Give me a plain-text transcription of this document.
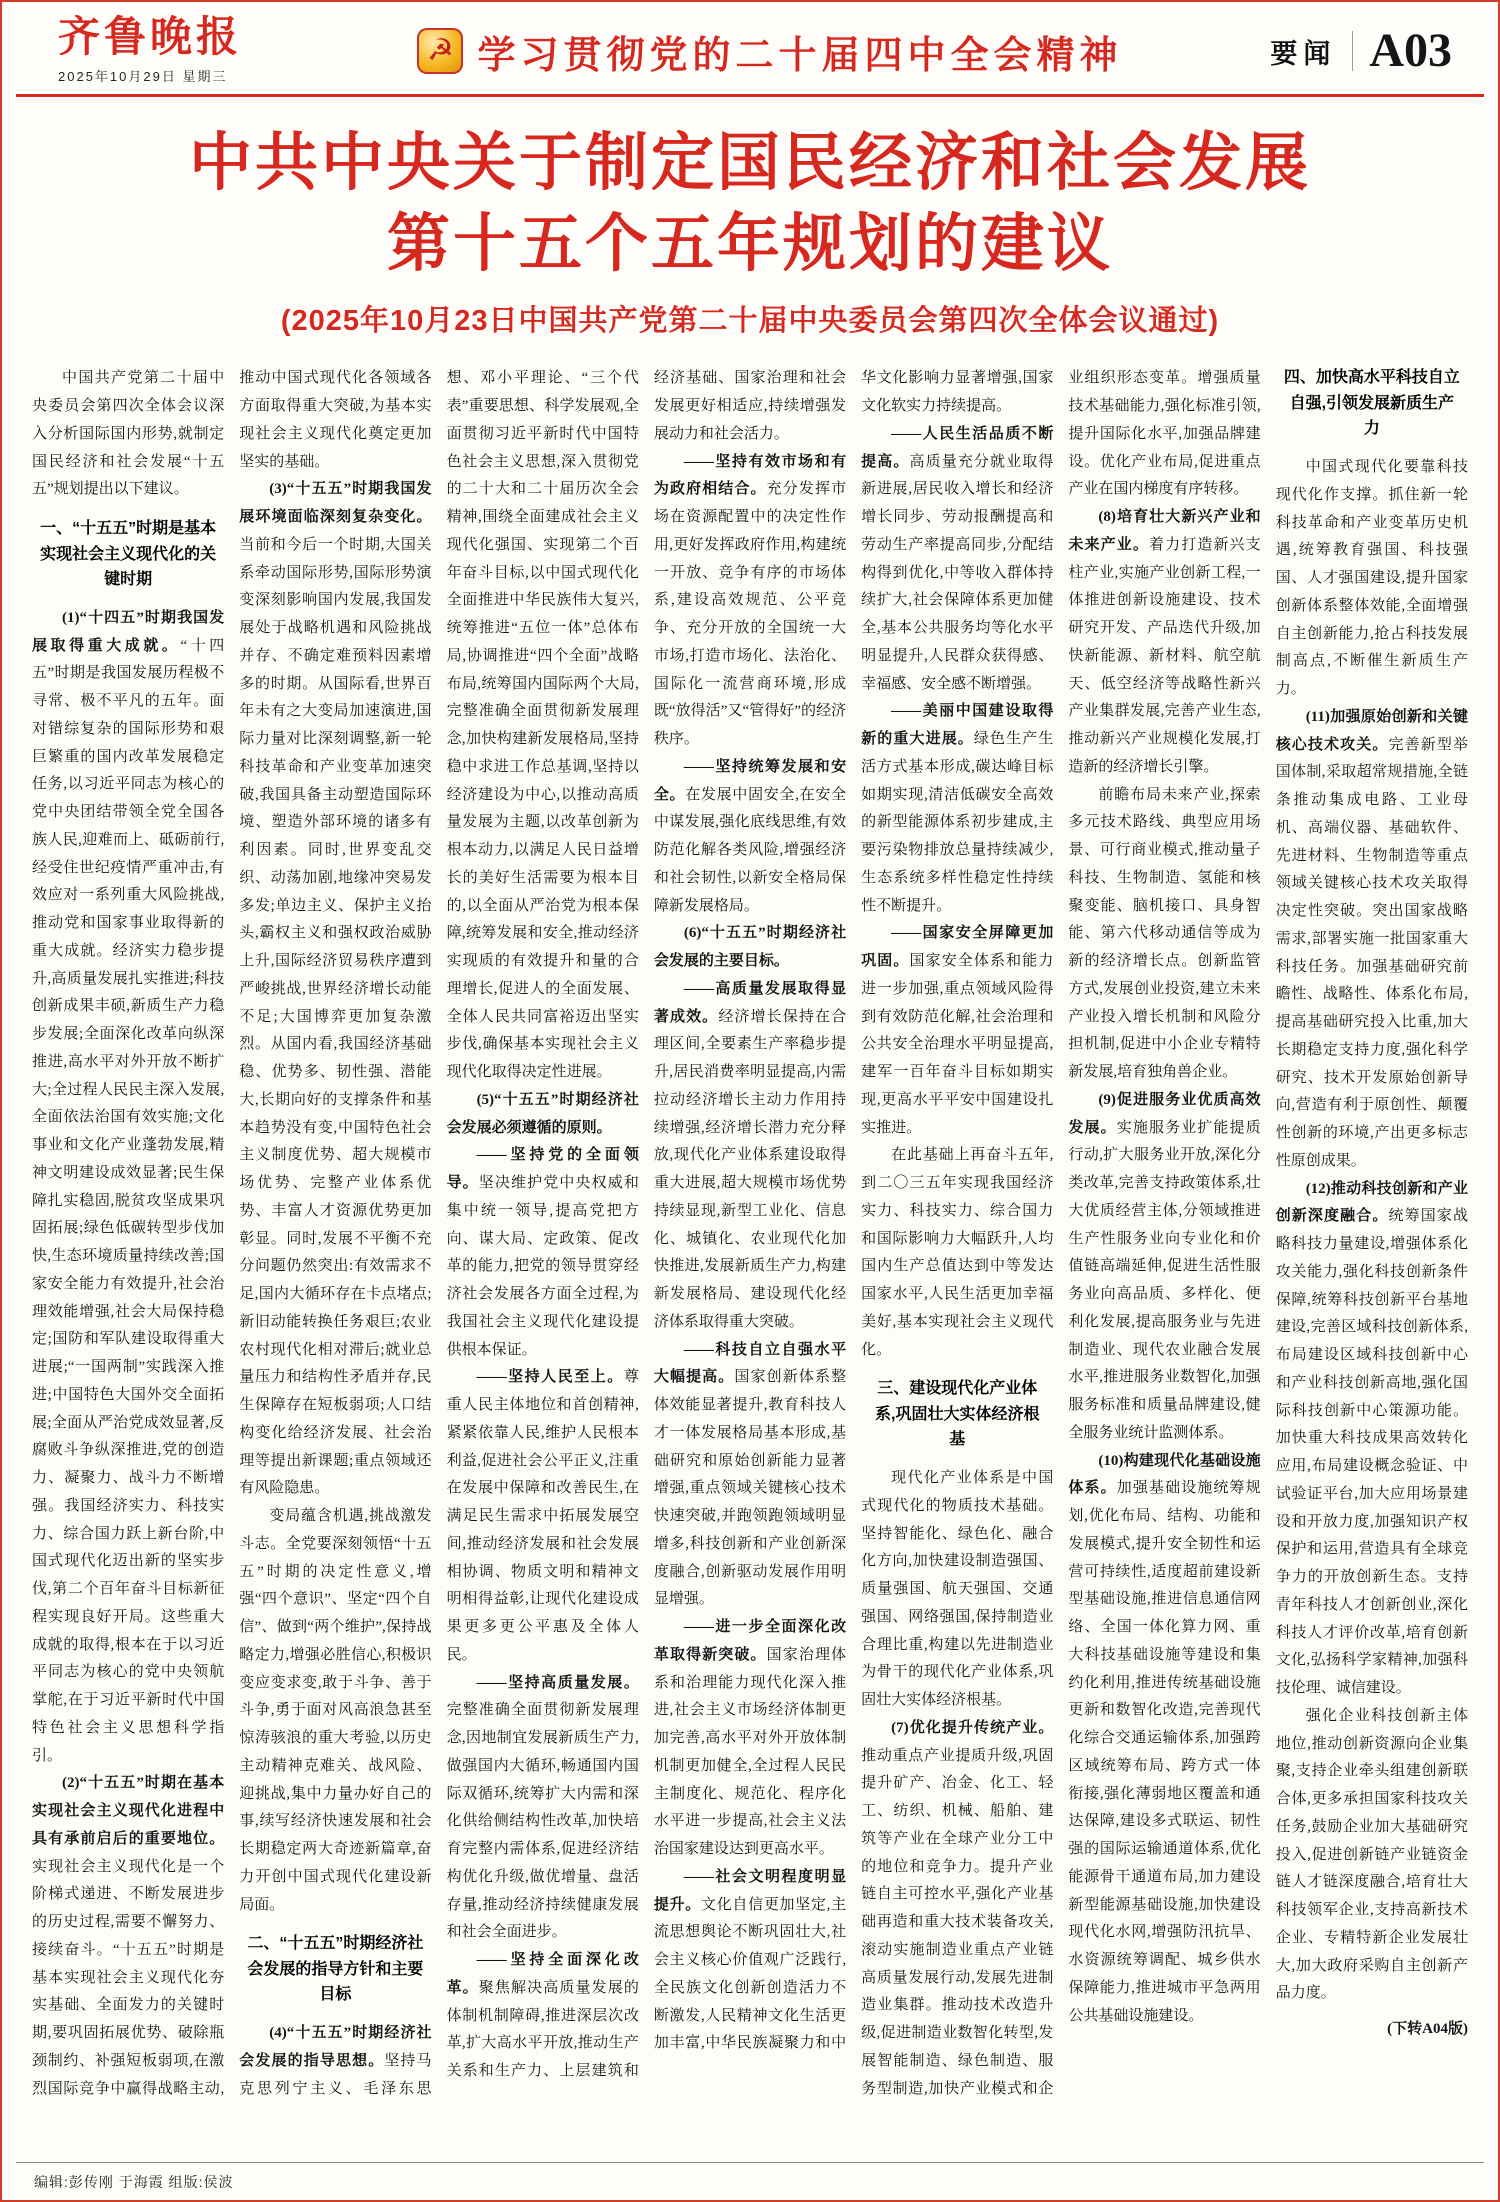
齐鲁晚报
2025年10月29日 星期三
☭ 学习贯彻党的二十届四中全会精神	要闻 A03
中共中央关于制定国民经济和社会发展
第十五个五年规划的建议
(2025年10月23日中国共产党第二十届中央委员会第四次全体会议通过)

中国共产党第二十届中央委员会第四次全体会议深入分析国际国内形势,就制定国民经济和社会发展“十五五”规划提出以下建议。

一、“十五五”时期是基本实现社会主义现代化的关键时期

(1)“十四五”时期我国发展取得重大成就。“十四五”时期是我国发展历程极不寻常、极不平凡的五年。面对错综复杂的国际形势和艰巨繁重的国内改革发展稳定任务,以习近平同志为核心的党中央团结带领全党全国各族人民,迎难而上、砥砺前行,经受住世纪疫情严重冲击,有效应对一系列重大风险挑战,推动党和国家事业取得新的重大成就。经济实力稳步提升,高质量发展扎实推进;科技创新成果丰硕,新质生产力稳步发展;全面深化改革向纵深推进,高水平对外开放不断扩大;全过程人民民主深入发展,全面依法治国有效实施;文化事业和文化产业蓬勃发展,精神文明建设成效显著;民生保障扎实稳固,脱贫攻坚成果巩固拓展;绿色低碳转型步伐加快,生态环境质量持续改善;国家安全能力有效提升,社会治理效能增强,社会大局保持稳定;国防和军队建设取得重大进展;“一国两制”实践深入推进;中国特色大国外交全面拓展;全面从严治党成效显著,反腐败斗争纵深推进,党的创造力、凝聚力、战斗力不断增强。我国经济实力、科技实力、综合国力跃上新台阶,中国式现代化迈出新的坚实步伐,第二个百年奋斗目标新征程实现良好开局。这些重大成就的取得,根本在于以习近平同志为核心的党中央领航掌舵,在于习近平新时代中国特色社会主义思想科学指引。

(2)“十五五”时期在基本实现社会主义现代化进程中具有承前启后的重要地位。实现社会主义现代化是一个阶梯式递进、不断发展进步的历史过程,需要不懈努力、接续奋斗。“十五五”时期是基本实现社会主义现代化夯实基础、全面发力的关键时期,要巩固拓展优势、破除瓶颈制约、补强短板弱项,在激烈国际竞争中赢得战略主动,推动中国式现代化各领域各方面取得重大突破,为基本实现社会主义现代化奠定更加坚实的基础。

(3)“十五五”时期我国发展环境面临深刻复杂变化。当前和今后一个时期,大国关系牵动国际形势,国际形势演变深刻影响国内发展,我国发展处于战略机遇和风险挑战并存、不确定难预料因素增多的时期。从国际看,世界百年未有之大变局加速演进,国际力量对比深刻调整,新一轮科技革命和产业变革加速突破,我国具备主动塑造国际环境、塑造外部环境的诸多有利因素。同时,世界变乱交织、动荡加剧,地缘冲突易发多发;单边主义、保护主义抬头,霸权主义和强权政治威胁上升,国际经济贸易秩序遭到严峻挑战,世界经济增长动能不足;大国博弈更加复杂激烈。从国内看,我国经济基础稳、优势多、韧性强、潜能大,长期向好的支撑条件和基本趋势没有变,中国特色社会主义制度优势、超大规模市场优势、完整产业体系优势、丰富人才资源优势更加彰显。同时,发展不平衡不充分问题仍然突出:有效需求不足,国内大循环存在卡点堵点;新旧动能转换任务艰巨;农业农村现代化相对滞后;就业总量压力和结构性矛盾并存,民生保障存在短板弱项;人口结构变化给经济发展、社会治理等提出新课题;重点领域还有风险隐患。

变局蕴含机遇,挑战激发斗志。全党要深刻领悟“十五五”时期的决定性意义,增强“四个意识”、坚定“四个自信”、做到“两个维护”,保持战略定力,增强必胜信心,积极识变应变求变,敢于斗争、善于斗争,勇于面对风高浪急甚至惊涛骇浪的重大考验,以历史主动精神克难关、战风险、迎挑战,集中力量办好自己的事,续写经济快速发展和社会长期稳定两大奇迹新篇章,奋力开创中国式现代化建设新局面。

二、“十五五”时期经济社会发展的指导方针和主要目标

(4)“十五五”时期经济社会发展的指导思想。坚持马克思列宁主义、毛泽东思想、邓小平理论、“三个代表”重要思想、科学发展观,全面贯彻习近平新时代中国特色社会主义思想,深入贯彻党的二十大和二十届历次全会精神,围绕全面建成社会主义现代化强国、实现第二个百年奋斗目标,以中国式现代化全面推进中华民族伟大复兴,统筹推进“五位一体”总体布局,协调推进“四个全面”战略布局,统筹国内国际两个大局,完整准确全面贯彻新发展理念,加快构建新发展格局,坚持稳中求进工作总基调,坚持以经济建设为中心,以推动高质量发展为主题,以改革创新为根本动力,以满足人民日益增长的美好生活需要为根本目的,以全面从严治党为根本保障,统筹发展和安全,推动经济实现质的有效提升和量的合理增长,促进人的全面发展、全体人民共同富裕迈出坚实步伐,确保基本实现社会主义现代化取得决定性进展。

(5)“十五五”时期经济社会发展必须遵循的原则。

——坚持党的全面领导。坚决维护党中央权威和集中统一领导,提高党把方向、谋大局、定政策、促改革的能力,把党的领导贯穿经济社会发展各方面全过程,为我国社会主义现代化建设提供根本保证。

——坚持人民至上。尊重人民主体地位和首创精神,紧紧依靠人民,维护人民根本利益,促进社会公平正义,注重在发展中保障和改善民生,在满足民生需求中拓展发展空间,推动经济发展和社会发展相协调、物质文明和精神文明相得益彰,让现代化建设成果更多更公平惠及全体人民。

——坚持高质量发展。完整准确全面贯彻新发展理念,因地制宜发展新质生产力,做强国内大循环,畅通国内国际双循环,统筹扩大内需和深化供给侧结构性改革,加快培育完整内需体系,促进经济结构优化升级,做优增量、盘活存量,推动经济持续健康发展和社会全面进步。

——坚持全面深化改革。聚焦解决高质量发展的体制机制障碍,推进深层次改革,扩大高水平开放,推动生产关系和生产力、上层建筑和经济基础、国家治理和社会发展更好相适应,持续增强发展动力和社会活力。

——坚持有效市场和有为政府相结合。充分发挥市场在资源配置中的决定性作用,更好发挥政府作用,构建统一开放、竞争有序的市场体系,建设高效规范、公平竞争、充分开放的全国统一大市场,打造市场化、法治化、国际化一流营商环境,形成既“放得活”又“管得好”的经济秩序。

——坚持统筹发展和安全。在发展中固安全,在安全中谋发展,强化底线思维,有效防范化解各类风险,增强经济和社会韧性,以新安全格局保障新发展格局。

(6)“十五五”时期经济社会发展的主要目标。

——高质量发展取得显著成效。经济增长保持在合理区间,全要素生产率稳步提升,居民消费率明显提高,内需拉动经济增长主动力作用持续增强,经济增长潜力充分释放,现代化产业体系建设取得重大进展,超大规模市场优势持续显现,新型工业化、信息化、城镇化、农业现代化加快推进,发展新质生产力,构建新发展格局、建设现代化经济体系取得重大突破。

——科技自立自强水平大幅提高。国家创新体系整体效能显著提升,教育科技人才一体发展格局基本形成,基础研究和原始创新能力显著增强,重点领域关键核心技术快速突破,并跑领跑领域明显增多,科技创新和产业创新深度融合,创新驱动发展作用明显增强。

——进一步全面深化改革取得新突破。国家治理体系和治理能力现代化深入推进,社会主义市场经济体制更加完善,高水平对外开放体制机制更加健全,全过程人民民主制度化、规范化、程序化水平进一步提高,社会主义法治国家建设达到更高水平。

——社会文明程度明显提升。文化自信更加坚定,主流思想舆论不断巩固壮大,社会主义核心价值观广泛践行,全民族文化创新创造活力不断激发,人民精神文化生活更加丰富,中华民族凝聚力和中华文化影响力显著增强,国家文化软实力持续提高。

——人民生活品质不断提高。高质量充分就业取得新进展,居民收入增长和经济增长同步、劳动报酬提高和劳动生产率提高同步,分配结构得到优化,中等收入群体持续扩大,社会保障体系更加健全,基本公共服务均等化水平明显提升,人民群众获得感、幸福感、安全感不断增强。

——美丽中国建设取得新的重大进展。绿色生产生活方式基本形成,碳达峰目标如期实现,清洁低碳安全高效的新型能源体系初步建成,主要污染物排放总量持续减少,生态系统多样性稳定性持续性不断提升。

——国家安全屏障更加巩固。国家安全体系和能力进一步加强,重点领域风险得到有效防范化解,社会治理和公共安全治理水平明显提高,建军一百年奋斗目标如期实现,更高水平平安中国建设扎实推进。

在此基础上再奋斗五年,到二〇三五年实现我国经济实力、科技实力、综合国力和国际影响力大幅跃升,人均国内生产总值达到中等发达国家水平,人民生活更加幸福美好,基本实现社会主义现代化。

三、建设现代化产业体系,巩固壮大实体经济根基

现代化产业体系是中国式现代化的物质技术基础。坚持智能化、绿色化、融合化方向,加快建设制造强国、质量强国、航天强国、交通强国、网络强国,保持制造业合理比重,构建以先进制造业为骨干的现代化产业体系,巩固壮大实体经济根基。

(7)优化提升传统产业。推动重点产业提质升级,巩固提升矿产、冶金、化工、轻工、纺织、机械、船舶、建筑等产业在全球产业分工中的地位和竞争力。提升产业链自主可控水平,强化产业基础再造和重大技术装备攻关,滚动实施制造业重点产业链高质量发展行动,发展先进制造业集群。推动技术改造升级,促进制造业数智化转型,发展智能制造、绿色制造、服务型制造,加快产业模式和企业组织形态变革。增强质量技术基础能力,强化标准引领,提升国际化水平,加强品牌建设。优化产业布局,促进重点产业在国内梯度有序转移。

(8)培育壮大新兴产业和未来产业。着力打造新兴支柱产业,实施产业创新工程,一体推进创新设施建设、技术研究开发、产品迭代升级,加快新能源、新材料、航空航天、低空经济等战略性新兴产业集群发展,完善产业生态,推动新兴产业规模化发展,打造新的经济增长引擎。

前瞻布局未来产业,探索多元技术路线、典型应用场景、可行商业模式,推动量子科技、生物制造、氢能和核聚变能、脑机接口、具身智能、第六代移动通信等成为新的经济增长点。创新监管方式,发展创业投资,建立未来产业投入增长机制和风险分担机制,促进中小企业专精特新发展,培育独角兽企业。

(9)促进服务业优质高效发展。实施服务业扩能提质行动,扩大服务业开放,深化分类改革,完善支持政策体系,壮大优质经营主体,分领域推进生产性服务业向专业化和价值链高端延伸,促进生活性服务业向高品质、多样化、便利化发展,提高服务业与先进制造业、现代农业融合发展水平,推进服务业数智化,加强服务标准和质量品牌建设,健全服务业统计监测体系。

(10)构建现代化基础设施体系。加强基础设施统筹规划,优化布局、结构、功能和发展模式,提升安全韧性和运营可持续性,适度超前建设新型基础设施,推进信息通信网络、全国一体化算力网、重大科技基础设施等建设和集约化利用,推进传统基础设施更新和数智化改造,完善现代化综合交通运输体系,加强跨区域统筹布局、跨方式一体衔接,强化薄弱地区覆盖和通达保障,建设多式联运、韧性强的国际运输通道体系,优化能源骨干通道布局,加力建设新型能源基础设施,加快建设现代化水网,增强防汛抗旱、水资源统筹调配、城乡供水保障能力,推进城市平急两用公共基础设施建设。

四、加快高水平科技自立自强,引领发展新质生产力

中国式现代化要靠科技现代化作支撑。抓住新一轮科技革命和产业变革历史机遇,统筹教育强国、科技强国、人才强国建设,提升国家创新体系整体效能,全面增强自主创新能力,抢占科技发展制高点,不断催生新质生产力。

(11)加强原始创新和关键核心技术攻关。完善新型举国体制,采取超常规措施,全链条推动集成电路、工业母机、高端仪器、基础软件、先进材料、生物制造等重点领域关键核心技术攻关取得决定性突破。突出国家战略需求,部署实施一批国家重大科技任务。加强基础研究前瞻性、战略性、体系化布局,提高基础研究投入比重,加大长期稳定支持力度,强化科学研究、技术开发原始创新导向,营造有利于原创性、颠覆性创新的环境,产出更多标志性原创成果。

(12)推动科技创新和产业创新深度融合。统筹国家战略科技力量建设,增强体系化攻关能力,强化科技创新条件保障,统筹科技创新平台基地建设,完善区域科技创新体系,布局建设区域科技创新中心和产业科技创新高地,强化国际科技创新中心策源功能。加快重大科技成果高效转化应用,布局建设概念验证、中试验证平台,加大应用场景建设和开放力度,加强知识产权保护和运用,营造具有全球竞争力的开放创新生态。支持青年科技人才创新创业,深化科技人才评价改革,培育创新文化,弘扬科学家精神,加强科技伦理、诚信建设。

强化企业科技创新主体地位,推动创新资源向企业集聚,支持企业牵头组建创新联合体,更多承担国家科技攻关任务,鼓励企业加大基础研究投入,促进创新链产业链资金链人才链深度融合,培育壮大科技领军企业,支持高新技术企业、专精特新企业发展壮大,加大政府采购自主创新产品力度。

(下转A04版)

编辑:彭传刚 于海霞 组版:侯波
